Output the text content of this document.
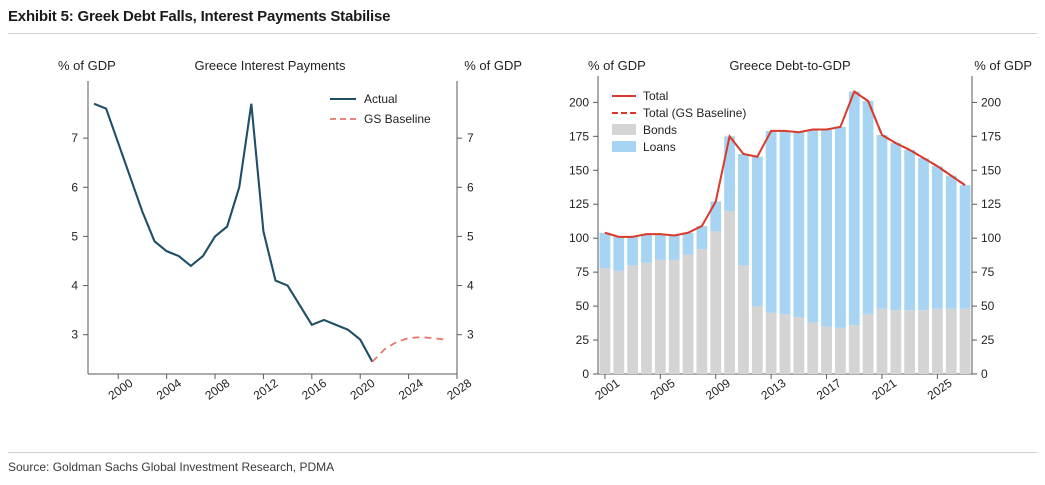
Exhibit 5: Greek Debt Falls, Interest Payments Stabilise
% of GDP	Greece Interest Payments	% of GDP
3	3
4	4
5	5
6	6
7	7
2000 2004 2008 2012 2016 2020 2024 2028
Actual
GS Baseline
% of GDP	Greece Debt-to-GDP	% of GDP
0	0
25	25
50	50
75	75
100	100
125	125
150	150
175	175
200	200
2001 2005 2009 2013 2017 2021 2025
Total
Total (GS Baseline)
Bonds
Loans
Source: Goldman Sachs Global Investment Research, PDMA
